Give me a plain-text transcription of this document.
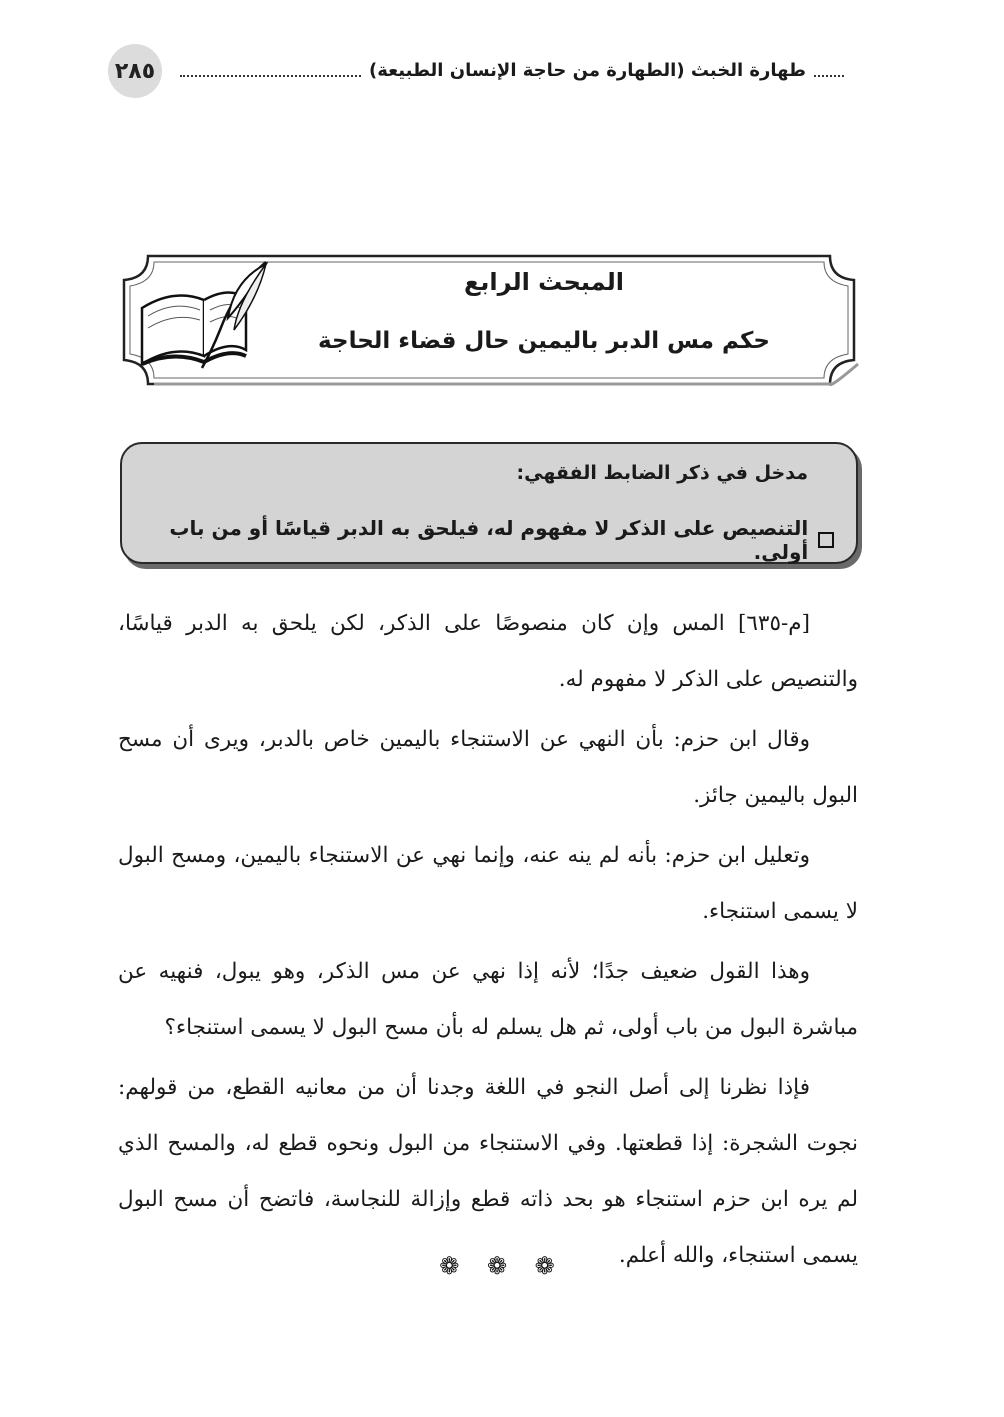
٢٨٥	طهارة الخبث (الطهارة من حاجة الإنسان الطبيعة)
المبحث الرابع
حكم مس الدبر باليمين حال قضاء الحاجة
مدخل في ذكر الضابط الفقهي:
التنصيص على الذكر لا مفهوم له، فيلحق به الدبر قياسًا أو من باب أولى.

[م-٦٣٥] المس وإن كان منصوصًا على الذكر، لكن يلحق به الدبر قياسًا، والتنصيص على الذكر لا مفهوم له.

وقال ابن حزم: بأن النهي عن الاستنجاء باليمين خاص بالدبر، ويرى أن مسح البول باليمين جائز.

وتعليل ابن حزم: بأنه لم ينه عنه، وإنما نهي عن الاستنجاء باليمين، ومسح البول لا يسمى استنجاء.

وهذا القول ضعيف جدًا؛ لأنه إذا نهي عن مس الذكر، وهو يبول، فنهيه عن مباشرة البول من باب أولى، ثم هل يسلم له بأن مسح البول لا يسمى استنجاء؟

فإذا نظرنا إلى أصل النجو في اللغة وجدنا أن من معانيه القطع، من قولهم: نجوت الشجرة: إذا قطعتها. وفي الاستنجاء من البول ونحوه قطع له، والمسح الذي لم يره ابن حزم استنجاء هو بحد ذاته قطع وإزالة للنجاسة، فاتضح أن مسح البول يسمى استنجاء، والله أعلم.

❁ ❁ ❁
